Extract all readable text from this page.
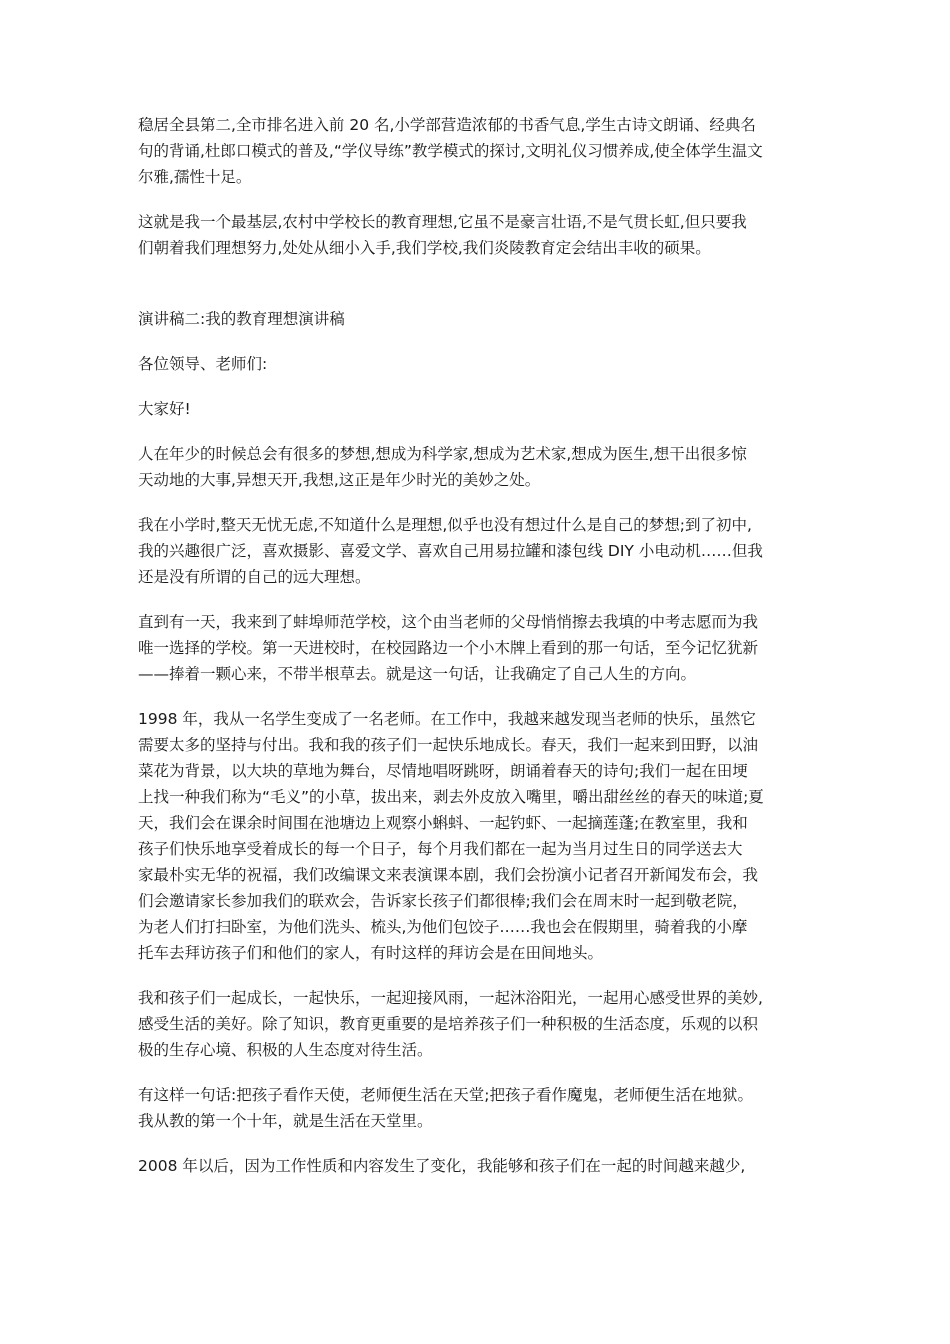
稳居全县第二,全市排名进入前 20 名,小学部营造浓郁的书香气息,学生古诗文朗诵、经典名
句的背诵,杜郎口模式的普及,“学仪导练”教学模式的探讨,文明礼仪习惯养成,使全体学生温文
尔雅,孺性十足。

这就是我一个最基层,农村中学校长的教育理想,它虽不是豪言壮语,不是气贯长虹,但只要我
们朝着我们理想努力,处处从细小入手,我们学校,我们炎陵教育定会结出丰收的硕果。

演讲稿二:我的教育理想演讲稿

各位领导、老师们:

大家好!

人在年少的时候总会有很多的梦想,想成为科学家,想成为艺术家,想成为医生,想干出很多惊
天动地的大事,异想天开,我想,这正是年少时光的美妙之处。

我在小学时,整天无忧无虑,不知道什么是理想,似乎也没有想过什么是自己的梦想;到了初中,
我的兴趣很广泛，喜欢摄影、喜爱文学、喜欢自己用易拉罐和漆包线 DIY 小电动机……但我
还是没有所谓的自己的远大理想。

直到有一天，我来到了蚌埠师范学校，这个由当老师的父母悄悄擦去我填的中考志愿而为我
唯一选择的学校。第一天进校时，在校园路边一个小木牌上看到的那一句话，至今记忆犹新
——捧着一颗心来，不带半根草去。就是这一句话，让我确定了自己人生的方向。

1998 年，我从一名学生变成了一名老师。在工作中，我越来越发现当老师的快乐，虽然它
需要太多的坚持与付出。我和我的孩子们一起快乐地成长。春天，我们一起来到田野，以油
菜花为背景，以大块的草地为舞台，尽情地唱呀跳呀，朗诵着春天的诗句;我们一起在田埂
上找一种我们称为“毛义”的小草，拔出来，剥去外皮放入嘴里，嚼出甜丝丝的春天的味道;夏
天，我们会在课余时间围在池塘边上观察小蝌蚪、一起钓虾、一起摘莲蓬;在教室里，我和
孩子们快乐地享受着成长的每一个日子，每个月我们都在一起为当月过生日的同学送去大
家最朴实无华的祝福，我们改编课文来表演课本剧，我们会扮演小记者召开新闻发布会，我
们会邀请家长参加我们的联欢会，告诉家长孩子们都很棒;我们会在周末时一起到敬老院，
为老人们打扫卧室，为他们洗头、梳头,为他们包饺子……我也会在假期里，骑着我的小摩
托车去拜访孩子们和他们的家人，有时这样的拜访会是在田间地头。

我和孩子们一起成长，一起快乐，一起迎接风雨，一起沐浴阳光，一起用心感受世界的美妙,
感受生活的美好。除了知识，教育更重要的是培养孩子们一种积极的生活态度，乐观的以积
极的生存心境、积极的人生态度对待生活。

有这样一句话:把孩子看作天使，老师便生活在天堂;把孩子看作魔鬼，老师便生活在地狱。
我从教的第一个十年，就是生活在天堂里。

2008 年以后，因为工作性质和内容发生了变化，我能够和孩子们在一起的时间越来越少,
